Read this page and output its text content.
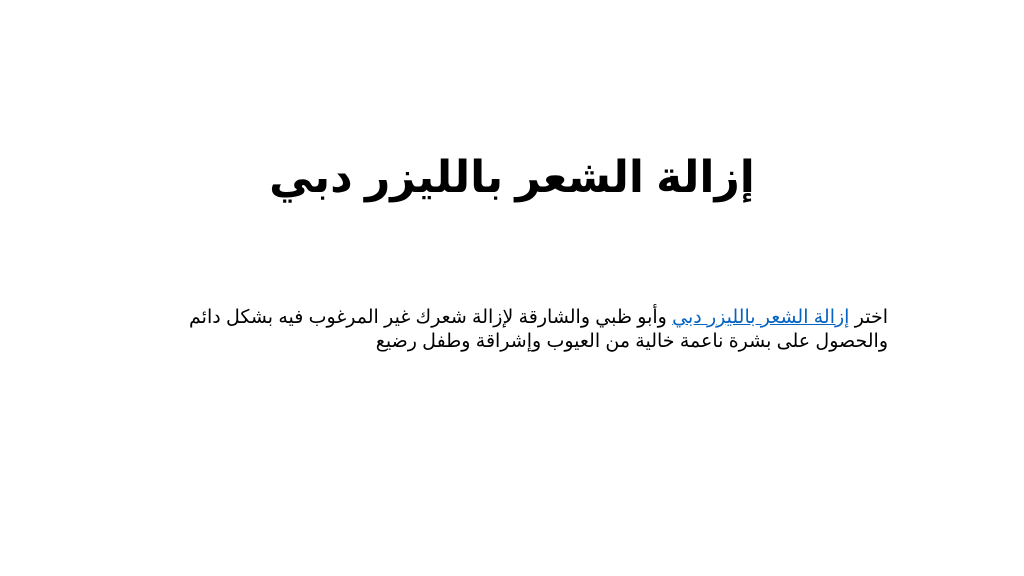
إزالة الشعر بالليزر دبي

اختر إزالة الشعر بالليزر دبي وأبو ظبي والشارقة لإزالة شعرك غير المرغوب فيه بشكل دائم والحصول على بشرة ناعمة خالية من العيوب وإشراقة وطفل رضيع
